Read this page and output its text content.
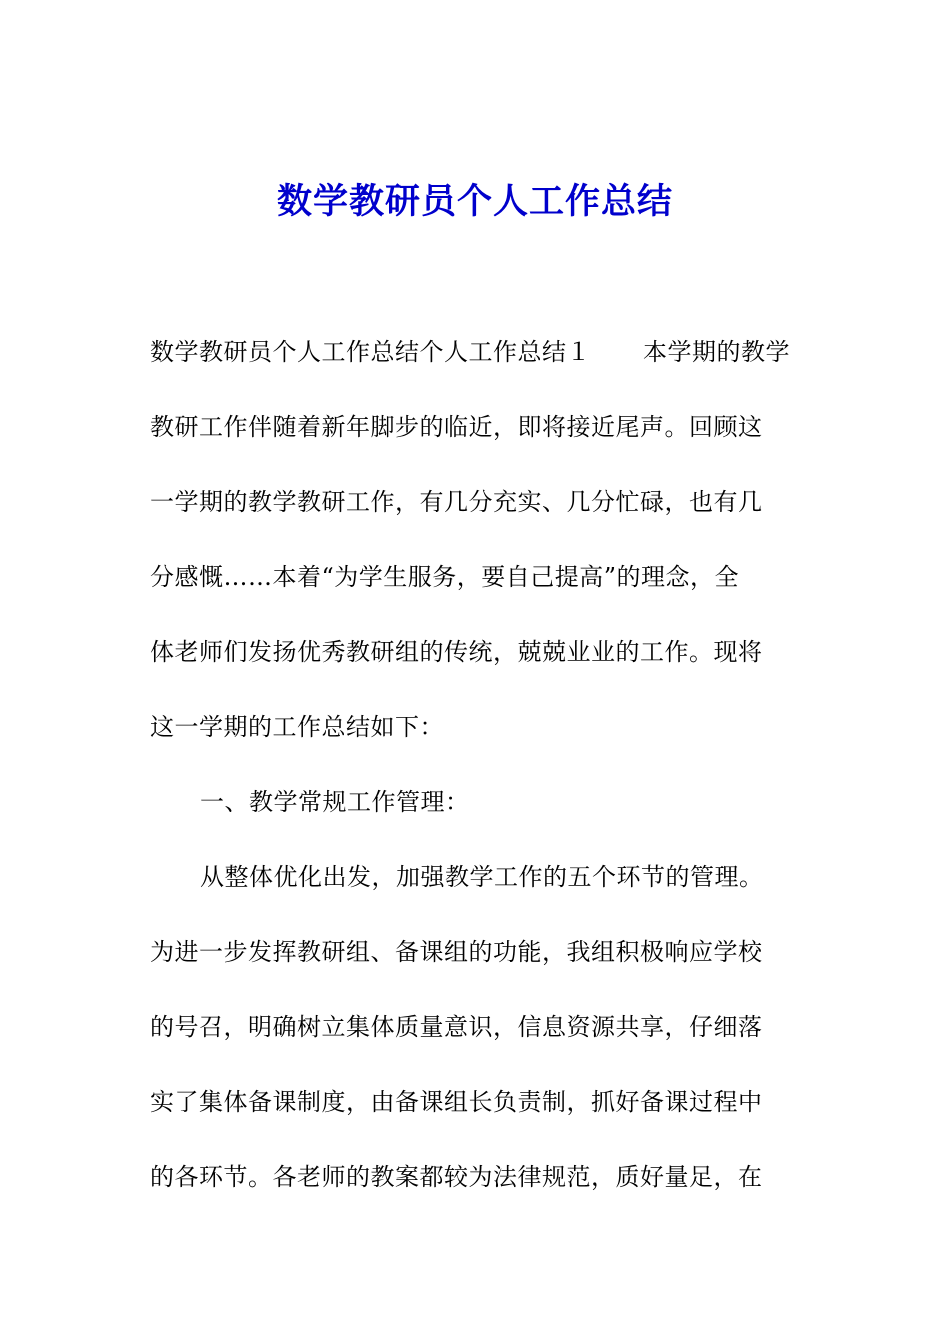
数学教研员个人工作总结
数学教研员个人工作总结个人工作总结１ 本学期的教学
教研工作伴随着新年脚步的临近，即将接近尾声。回顾这
一学期的教学教研工作，有几分充实、几分忙碌，也有几
分感慨……本着“为学生服务，要自己提高”的理念，全
体老师们发扬优秀教研组的传统，兢兢业业的工作。现将
这一学期的工作总结如下：
一、教学常规工作管理：
从整体优化出发，加强教学工作的五个环节的管理。
为进一步发挥教研组、备课组的功能，我组积极响应学校
的号召，明确树立集体质量意识，信息资源共享，仔细落
实了集体备课制度，由备课组长负责制，抓好备课过程中
的各环节。各老师的教案都较为法律规范，质好量足，在
